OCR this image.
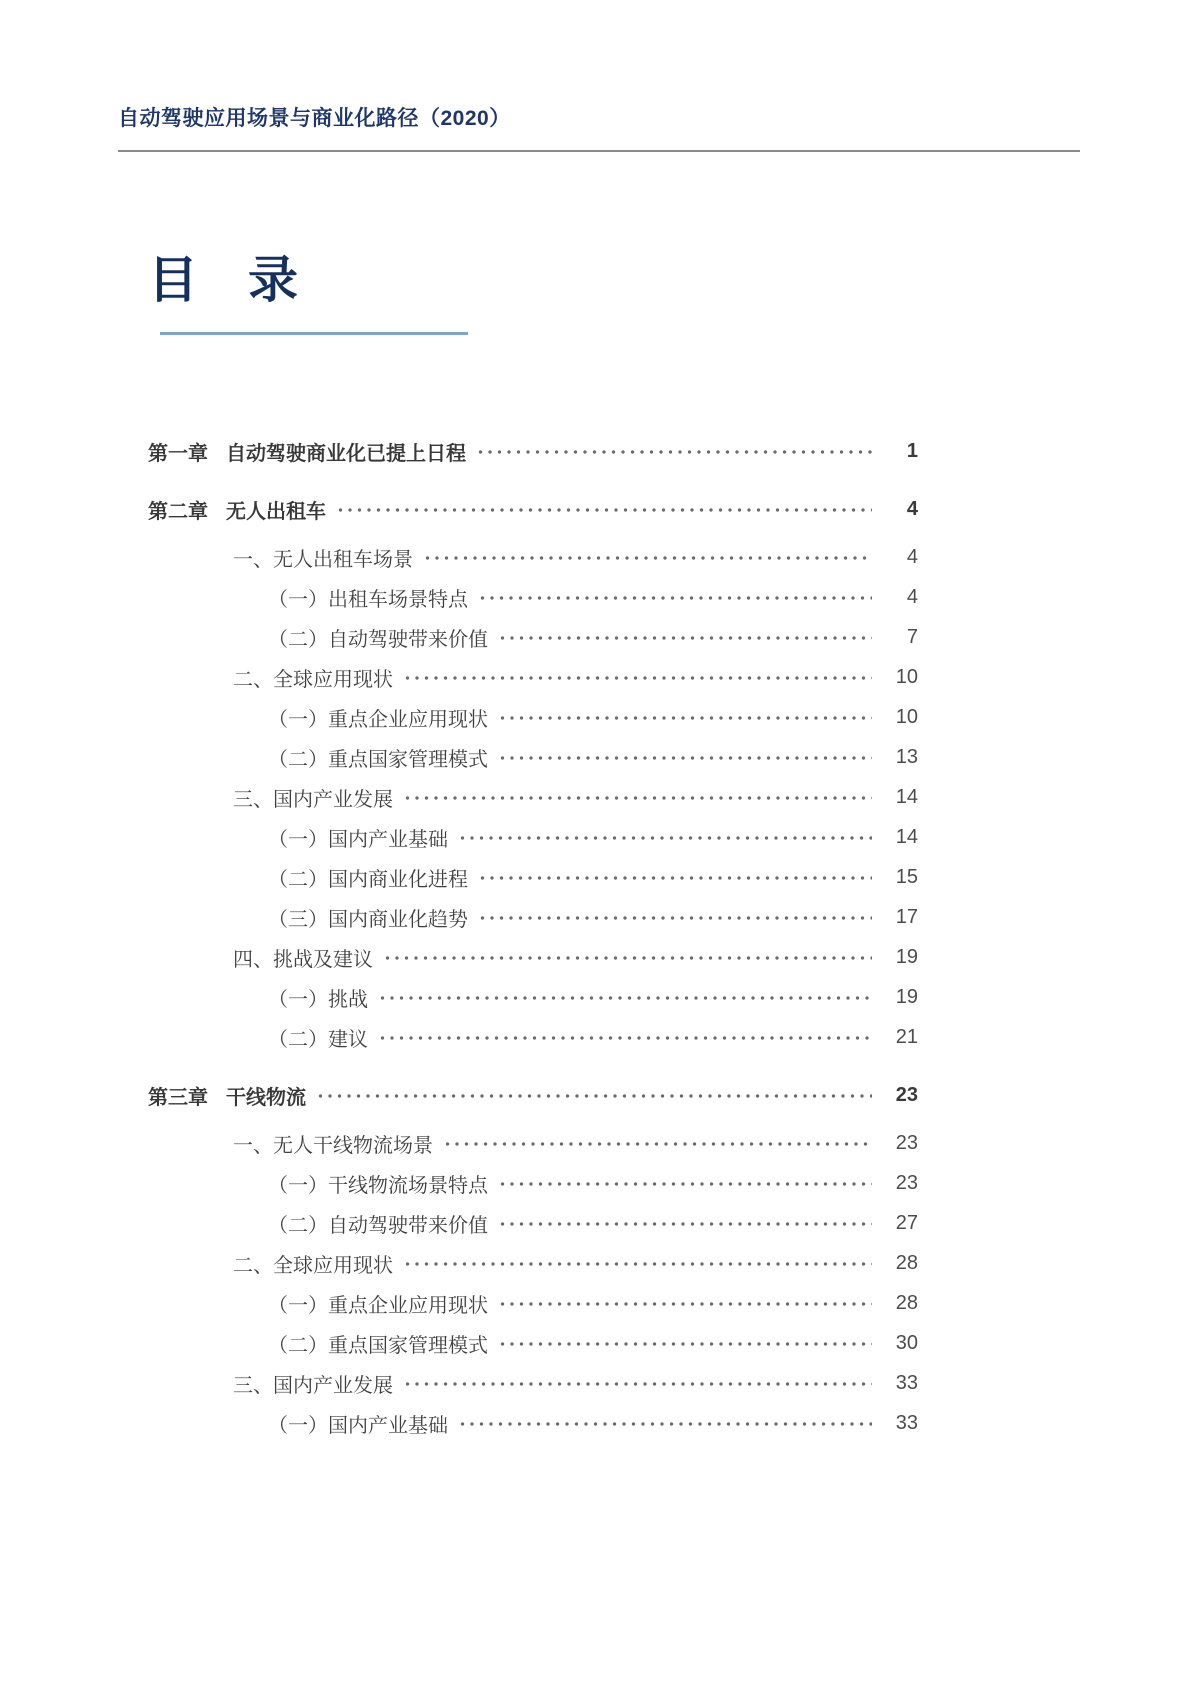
自动驾驶应用场景与商业化路径（2020）
目　录
第一章 自动驾驶商业化已提上日程	1
第二章 无人出租车	4
一、无人出租车场景	4
（一）出租车场景特点	4
（二）自动驾驶带来价值	7
二、全球应用现状	10
（一）重点企业应用现状	10
（二）重点国家管理模式	13
三、国内产业发展	14
（一）国内产业基础	14
（二）国内商业化进程	15
（三）国内商业化趋势	17
四、挑战及建议	19
（一）挑战	19
（二）建议	21
第三章 干线物流	23
一、无人干线物流场景	23
（一）干线物流场景特点	23
（二）自动驾驶带来价值	27
二、全球应用现状	28
（一）重点企业应用现状	28
（二）重点国家管理模式	30
三、国内产业发展	33
（一）国内产业基础	33
